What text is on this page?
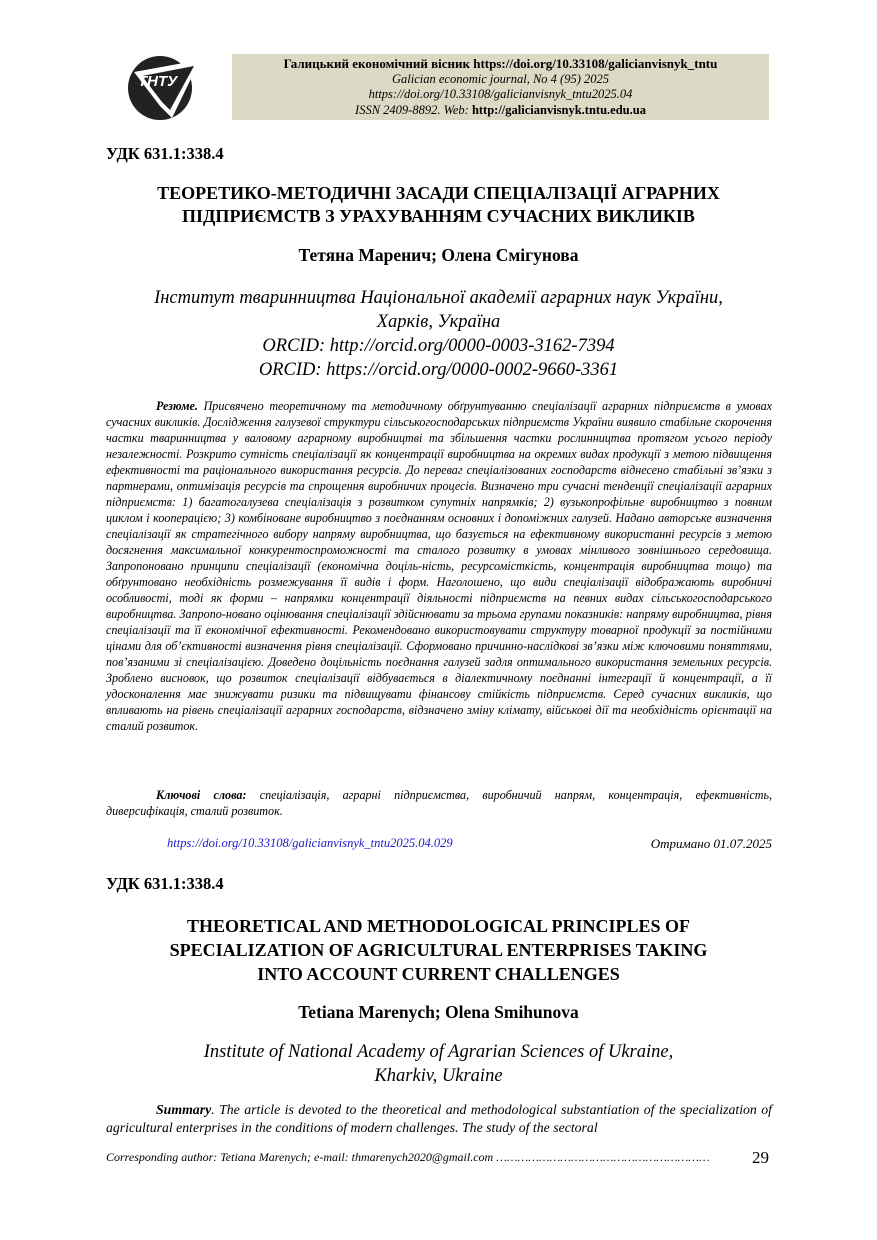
ТНТУ
Галицький економічний вісник https://doi.org/10.33108/galicianvisnyk_tntu
Galician economic journal, No 4 (95) 2025
https://doi.org/10.33108/galicianvisnyk_tntu2025.04
ISSN 2409-8892. Web: http://galicianvisnyk.tntu.edu.ua
УДК 631.1:338.4
ТЕОРЕТИКО-МЕТОДИЧНІ ЗАСАДИ СПЕЦІАЛІЗАЦІЇ АГРАРНИХ
ПІДПРИЄМСТВ З УРАХУВАННЯМ СУЧАСНИХ ВИКЛИКІВ
Тетяна Маренич; Олена Смігунова
Інститут тваринництва Національної академії аграрних наук України,
Харків, Україна
ORCID: http://orcid.org/0000-0003-3162-7394
ORCID: https://orcid.org/0000-0002-9660-3361
Резюме. Присвячено теоретичному та методичному обґрунтуванню спеціалізації аграрних підприємств в умовах сучасних викликів. Дослідження галузевої структури сільськогосподарських підприємств України виявило стабільне скорочення частки тваринництва у валовому аграрному виробництві та збільшення частки рослинництва протягом усього періоду незалежності. Розкрито сутність спеціалізації як концентрації виробництва на окремих видах продукції з метою підвищення ефективності та раціонального використання ресурсів. До переваг спеціалізованих господарств віднесено стабільні зв’язки з партнерами, оптимізація ресурсів та спрощення виробничих процесів. Визначено три сучасні тенденції спеціалізації аграрних підприємств: 1) багатогалузева спеціалізація з розвитком супутніх напрямків; 2) вузькопрофільне виробництво з повним циклом і кооперацією; 3) комбіноване виробництво з поєднанням основних і допоміжних галузей. Надано авторське визначення спеціалізації як стратегічного вибору напряму виробництва, що базується на ефективному використанні ресурсів з метою досягнення максимальної конкурентоспроможності та сталого розвитку в умовах мінливого зовнішнього середовища. Запропоновано принципи спеціалізації (економічна доціль-ність, ресурсомісткість, концентрація виробництва тощо) та обґрунтовано необхідність розмежування її видів і форм. Наголошено, що види спеціалізації відображають виробничі особливості, тоді як форми – напрямки концентрації діяльності підприємств на певних видах сільськогосподарського виробництва. Запропо-новано оцінювання спеціалізації здійснювати за трьома групами показників: напряму виробництва, рівня спеціалізації та її економічної ефективності. Рекомендовано використовувати структуру товарної продукції за постійними цінами для об’єктивності визначення рівня спеціалізації. Сформовано причинно-наслідкові зв’язки між ключовими поняттями, пов’язаними зі спеціалізацією. Доведено доцільність поєднання галузей задля оптимального використання земельних ресурсів. Зроблено висновок, що розвиток спеціалізації відбувається в діалектичному поєднанні інтеграції й концентрації, а її удосконалення має знижувати ризики та підвищувати фінансову стійкість підприємств. Серед сучасних викликів, що впливають на рівень спеціалізації аграрних господарств, відзначено зміну клімату, військові дії та необхідність орієнтації на сталий розвиток.
Ключові слова: спеціалізація, аграрні підприємства, виробничий напрям, концентрація, ефективність, диверсифікація, сталий розвиток.
https://doi.org/10.33108/galicianvisnyk_tntu2025.04.029	Отримано 01.07.2025
УДК 631.1:338.4
THEORETICAL AND METHODOLOGICAL PRINCIPLES OF
SPECIALIZATION OF AGRICULTURAL ENTERPRISES TAKING
INTO ACCOUNT CURRENT CHALLENGES
Tetiana Marenych; Olena Smihunova
Institute of National Academy of Agrarian Sciences of Ukraine,
Kharkiv, Ukraine
Summary. The article is devoted to the theoretical and methodological substantiation of the specialization of agricultural enterprises in the conditions of modern challenges. The study of the sectoral
Corresponding author: Tetiana Marenych; e-mail: thmarenych2020@gmail.com ……………………………………………………	29
